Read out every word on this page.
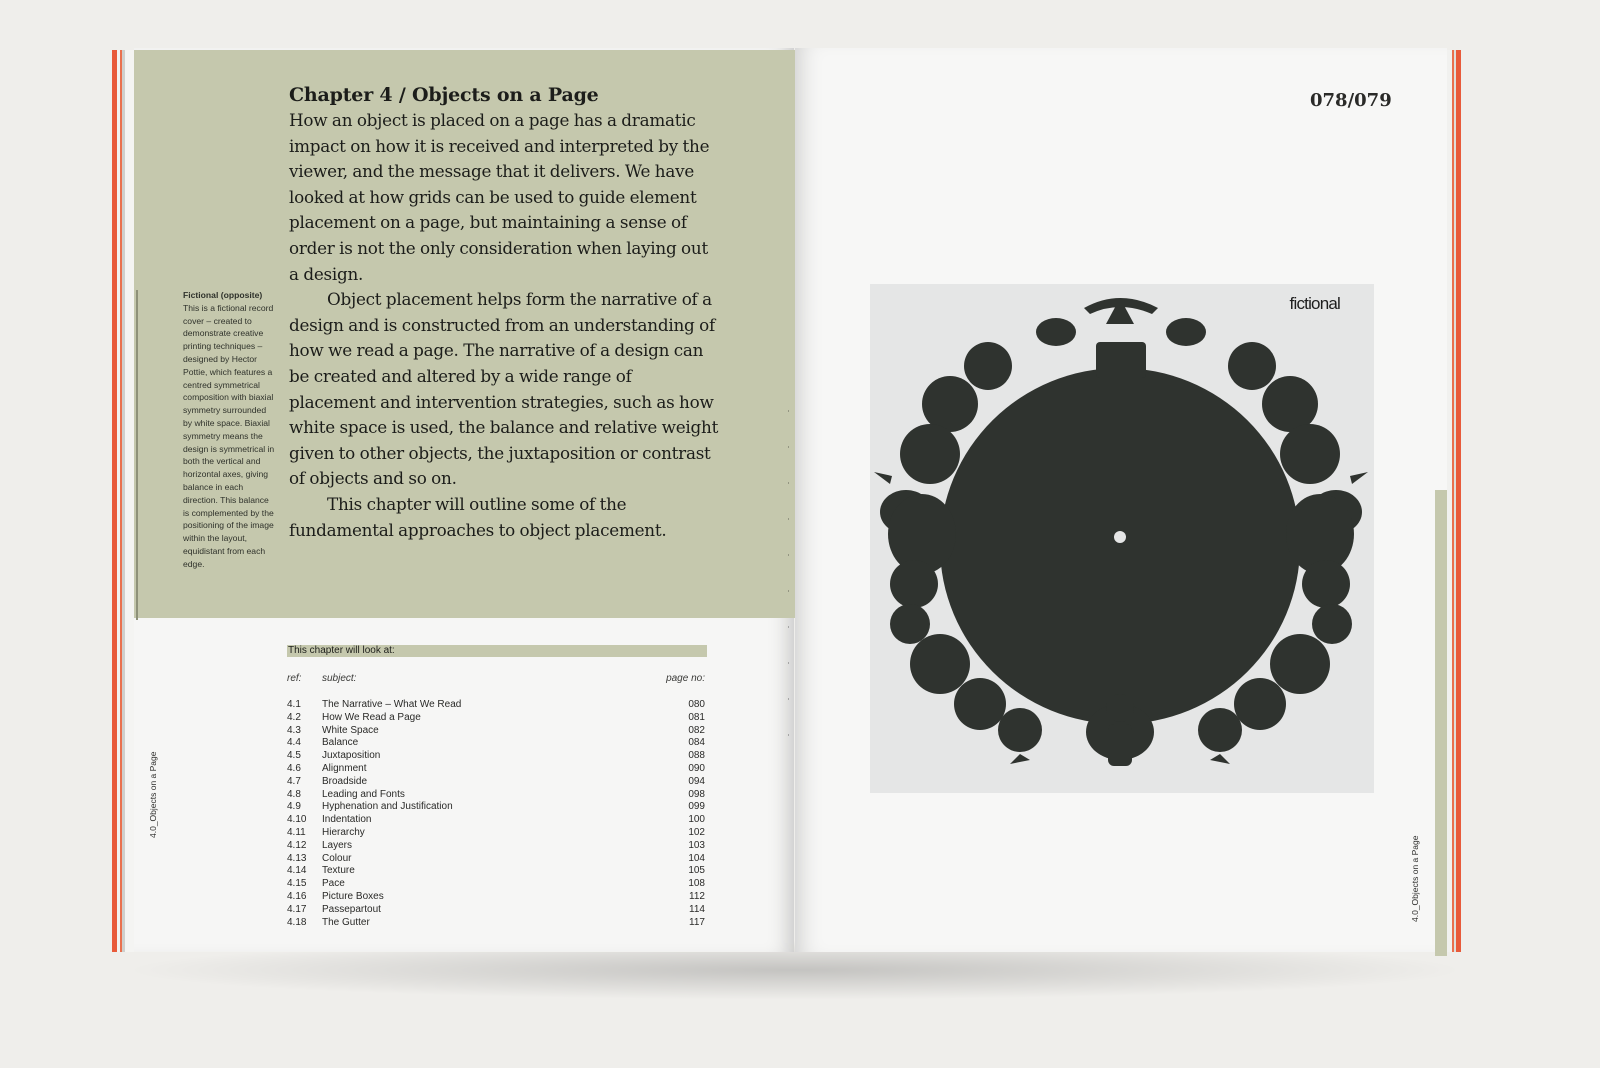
Fictional (opposite)
This is a fictional record cover – created to demonstrate creative printing techniques – designed by Hector Pottie, which features a centred symmetrical composition with biaxial symmetry surrounded by white space. Biaxial symmetry means the design is symmetrical in both the vertical and horizontal axes, giving balance in each direction. This balance is complemented by the positioning of the image within the layout, equidistant from each edge.
Chapter 4 / Objects on a Page

How an object is placed on a page has a dramatic impact on how it is received and interpreted by the viewer, and the message that it delivers. We have looked at how grids can be used to guide element placement on a page, but maintaining a sense of order is not the only consideration when laying out a design.

Object placement helps form the narrative of a design and is constructed from an understanding of how we read a page. The narrative of a design can be created and altered by a wide range of placement and intervention strategies, such as how white space is used, the balance and relative weight given to other objects, the juxtaposition or contrast of objects and so on.

This chapter will outline some of the fundamental approaches to object placement.

This chapter will look at:
ref: subject:	page no:
4.1 The Narrative – What We Read	080
4.2 How We Read a Page	081
4.3 White Space	082
4.4 Balance	084
4.5 Juxtaposition	088
4.6 Alignment	090
4.7 Broadside	094
4.8 Leading and Fonts	098
4.9 Hyphenation and Justification	099
4.10 Indentation	100
4.11 Hierarchy	102
4.12 Layers	103
4.13 Colour	104
4.14 Texture	105
4.15 Pace	108
4.16 Picture Boxes	112
4.17 Passepartout	114
4.18 The Gutter	117
4.0_Objects on a Page
078/079
fictional
4.0_Objects on a Page
